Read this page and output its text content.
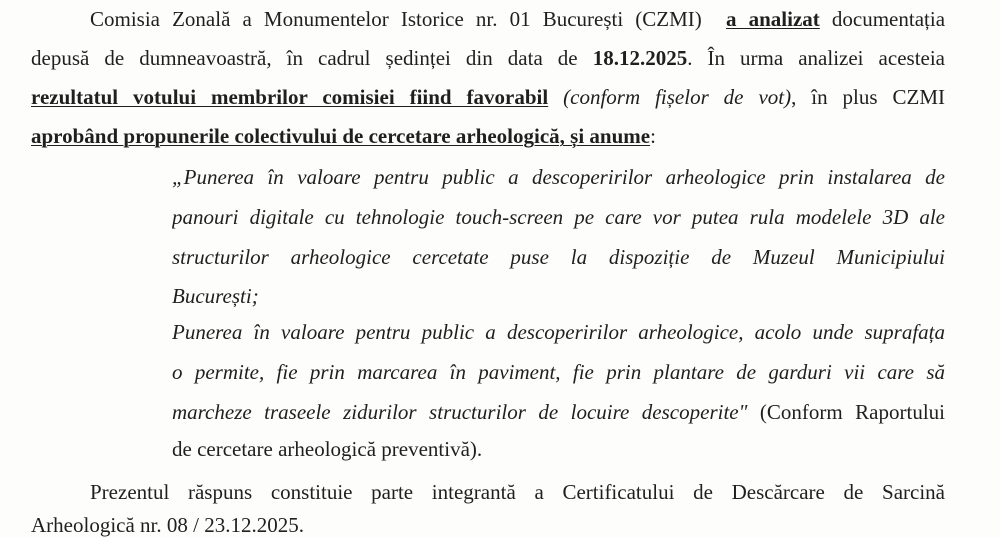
Comisia Zonală a Monumentelor Istorice nr. 01 București (CZMI) a analizat documentația
depusă de dumneavoastră, în cadrul ședinței din data de 18.12.2025. În urma analizei acesteia
rezultatul votului membrilor comisiei fiind favorabil (conform fișelor de vot), în plus CZMI
aprobând propunerile colectivului de cercetare arheologică, și anume:
„Punerea în valoare pentru public a descoperirilor arheologice prin instalarea de
panouri digitale cu tehnologie touch-screen pe care vor putea rula modelele 3D ale
structurilor arheologice cercetate puse la dispoziție de Muzeul Municipiului
București;
Punerea în valoare pentru public a descoperirilor arheologice, acolo unde suprafața
o permite, fie prin marcarea în paviment, fie prin plantare de garduri vii care să
marcheze traseele zidurilor structurilor de locuire descoperite" (Conform Raportului
de cercetare arheologică preventivă).
Prezentul răspuns constituie parte integrantă a Certificatului de Descărcare de Sarcină
Arheologică nr. 08 / 23.12.2025.
